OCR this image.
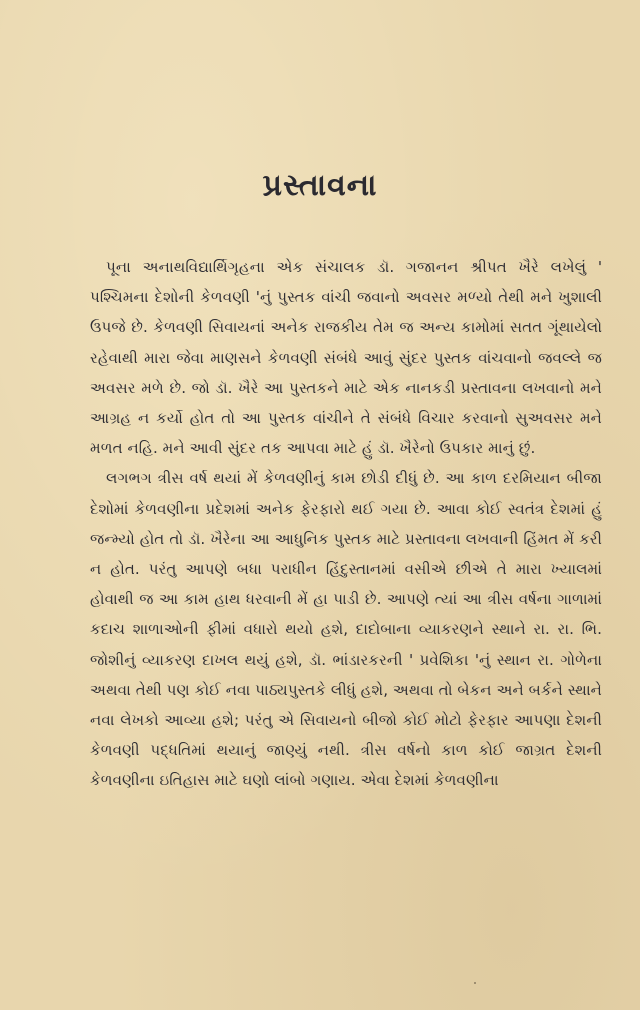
પ્રસ્તાવના

પૂના અનાથવિદ્યાર્થિગૃહના એક સંચાલક ડૉ. ગજાનન શ્રીપત ખૈરે લખેલું ' પશ્ચિમના દેશોની કેળવણી 'નું પુસ્તક વાંચી જવાનો અવસર મળ્યો તેથી મને ખુશાલી ઉપજે છે. કેળવણી સિવાયનાં અનેક રાજકીય તેમ જ અન્ય કામોમાં સતત ગૂંથાયેલો રહેવાથી મારા જેવા માણસને કેળવણી સંબંધે આવું સુંદર પુસ્તક વાંચવાનો જવલ્લે જ અવસર મળે છે. જો ડૉ. ખૈરે આ પુસ્તકને માટે એક નાનકડી પ્રસ્તાવના લખવાનો મને આગ્રહ ન કર્યો હોત તો આ પુસ્તક વાંચીને તે સંબંધે વિચાર કરવાનો સુઅવસર મને મળત નહિ. મને આવી સુંદર તક આપવા માટે હું ડૉ. ખૈરેનો ઉપકાર માનું છું.

લગભગ ત્રીસ વર્ષ થયાં મેં કેળવણીનું કામ છોડી દીધું છે. આ કાળ દરમિયાન બીજા દેશોમાં કેળવણીના પ્રદેશમાં અનેક ફેરફારો થઈ ગયા છે. આવા કોઈ સ્વતંત્ર દેશમાં હું જન્મ્યો હોત તો ડૉ. ખૈરેના આ આધુનિક પુસ્તક માટે પ્રસ્તાવના લખવાની હિંમત મેં કરી ન હોત. પરંતુ આપણે બધા પરાધીન હિંદુસ્તાનમાં વસીએ છીએ તે મારા ખ્યાલમાં હોવાથી જ આ કામ હાથ ધરવાની મેં હા પાડી છે. આપણે ત્યાં આ ત્રીસ વર્ષના ગાળામાં કદાચ શાળાઓની ફીમાં વધારો થયો હશે, દાદોબાના વ્યાકરણને સ્થાને રા. રા. ભિ. જોશીનું વ્યાકરણ દાખલ થયું હશે, ડૉ. ભાંડારકરની ' પ્રવેશિકા 'નું સ્થાન રા. ગોળેના અથવા તેથી પણ કોઈ નવા પાઠ્યપુસ્તકે લીધું હશે, અથવા તો બેકન અને બર્કને સ્થાને નવા લેખકો આવ્યા હશે; પરંતુ એ સિવાયનો બીજો કોઈ મોટો ફેરફાર આપણા દેશની કેળવણી પદ્ધતિમાં થયાનું જાણ્યું નથી. ત્રીસ વર્ષનો કાળ કોઈ જાગ્રત દેશની કેળવણીના ઇતિહાસ માટે ઘણો લાંબો ગણાય. એવા દેશમાં કેળવણીના
